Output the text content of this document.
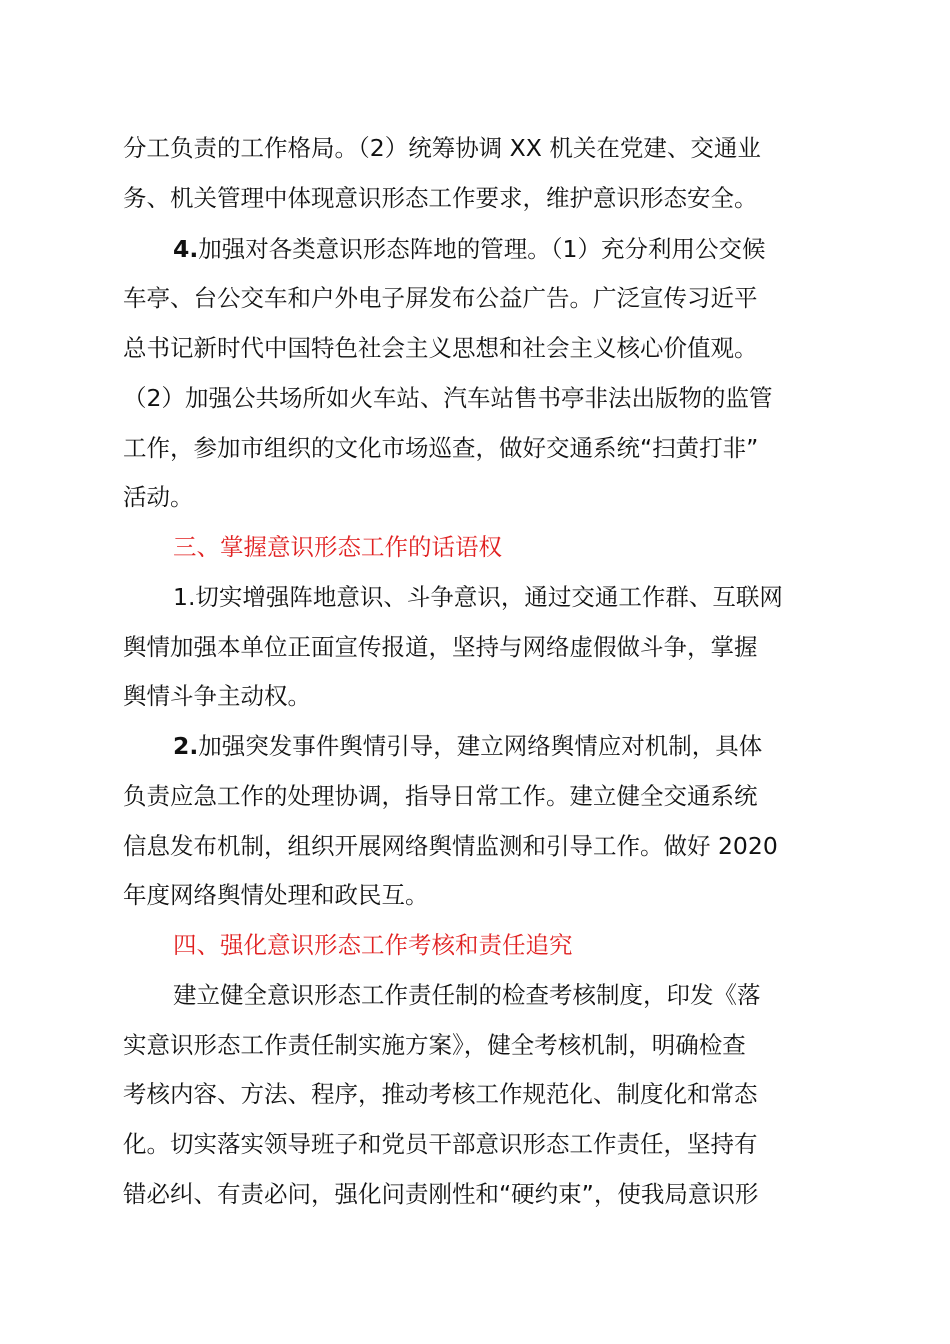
分工负责的工作格局。（2）统筹协调 XX 机关在党建、交通业
务、机关管理中体现意识形态工作要求，维护意识形态安全。
4.加强对各类意识形态阵地的管理。（1）充分利用公交候
车亭、台公交车和户外电子屏发布公益广告。广泛宣传习近平
总书记新时代中国特色社会主义思想和社会主义核心价值观。
（2）加强公共场所如火车站、汽车站售书亭非法出版物的监管
工作，参加市组织的文化市场巡查，做好交通系统“扫黄打非”
活动。
三、掌握意识形态工作的话语权
1.切实增强阵地意识、斗争意识，通过交通工作群、互联网
舆情加强本单位正面宣传报道，坚持与网络虚假做斗争，掌握
舆情斗争主动权。
2.加强突发事件舆情引导，建立网络舆情应对机制，具体
负责应急工作的处理协调，指导日常工作。建立健全交通系统
信息发布机制，组织开展网络舆情监测和引导工作。做好 2020
年度网络舆情处理和政民互。
四、强化意识形态工作考核和责任追究
建立健全意识形态工作责任制的检查考核制度，印发《落
实意识形态工作责任制实施方案》，健全考核机制，明确检查
考核内容、方法、程序，推动考核工作规范化、制度化和常态
化。切实落实领导班子和党员干部意识形态工作责任，坚持有
错必纠、有责必问，强化问责刚性和“硬约束”，使我局意识形
